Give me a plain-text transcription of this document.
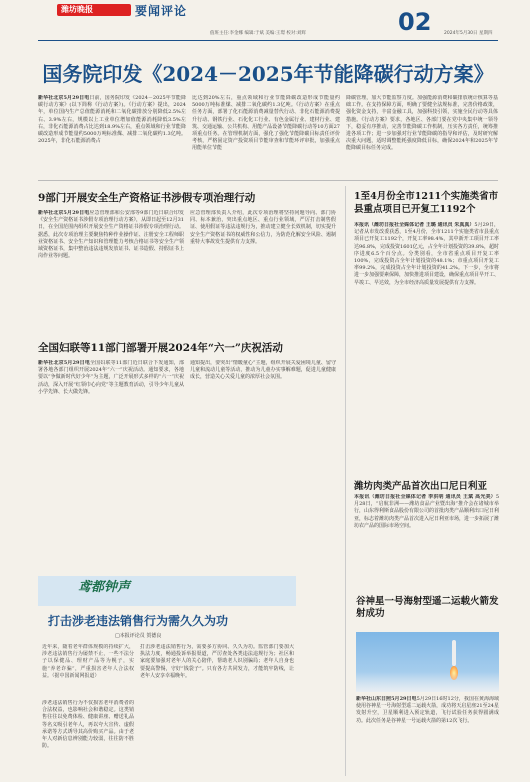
潍坊晚报	要闻评论
值班主任:李金娜 编辑:于斌 美编:王璟 校对:刘辉	02	2024年5月30日 星期四
国务院印发《2024－2025年节能降碳行动方案》
新华社北京5月29日电日前，国务院印发《2024－2025年节能降碳行动方案》(以下简称《行动方案》)。《行动方案》提出，2024年，单位国内生产总值能源消耗和二氧化碳排放分别降低2.5%左右、3.9%左右，规模以上工业单位增加值能源消耗降低3.5%左右，非化石能源消费占比达到18.9%左右，重点领域和行业节能降碳改造形成节能量约5000万吨标准煤、减排二氧化碳约1.3亿吨。2025年，非化石能源消费占
比达到20%左右，重点领域和行业节能降碳改造形成节能量约5000万吨标准煤、减排二氧化碳约1.3亿吨。《行动方案》在重点任务方面，部署了化石能源消费减量替代行动、非化石能源消费提升行动、钢铁行业、石化化工行业、有色金属行业、建材行业、建筑、交通运输、公共机构、用能产品设备节能降碳行动等10方面27项重点任务。在管理机制方面，强化了强化节能降碳目标责任评价考核，严格固定资产投资项目节能审查和节能环评审批，加强重点用能单位节能
降碳管理，加大节能监察力度。加强能源消费和碳排放统计核算等基础工作。在支持保障方面，明确了要健全法规标准，完善价格政策，强化资金支持，丰富金融工具，加强科技引领，实施全民行动等具体措施。《行动方案》要求，各地区、各部门要在党中央集中统一领导下，稳妥有序推动，完善节能降碳工作机制，压实各方责任，统筹推进各项工作；进一步加强对行业节能降碳的指导和评估，及时研究解决重大问题，适时调整能耗强度降低目标，确保2024年和2025年节能降碳目标任务完成。
9部门开展安全生产资格证书涉假专项治理行动
新华社北京5月29日电应急管理部和公安部等9部门近日联合印发《安全生产资格证书涉假专项治理行动方案》，从即日起至12月31日，在全国范围内组织开展安全生产资格证书涉假专项治理行动。据悉，此次专项治理主要聚焦特种作业操作证、注册安全工程师职业资格证书、安全生产知识和管理能力考核合格证书等安全生产领域资格证书，集中整治违法违规发放证书、证书造假、持假证书上岗作业等问题。
应急管理部负责人介绍，此次专项治理将坚持问题导向、部门协同、标本兼治，突出重点地区、重点行业领域，严厉打击制售假证、使用假证等违法违规行为，推动建立健全长效机制，切实提升安全生产资格证书的权威性和公信力，为防范化解安全风险、遏制重特大事故发生提供有力支撑。
全国妇联等11部门部署开展2024年“六一”庆祝活动
新华社北京5月29日电全国妇联等11部门近日联合下发通知，部署各地各部门组织开展2024年“六一”庆祝活动。通知要求，各地要以“争做新时代好少年”为主题，广泛开展形式多样的“六一”庆祝活动，深入开展“红领巾心向党”等主题教育活动，引导少年儿童从小学先锋、长大做先锋。
通知提出，要突出“情暖童心”主题，组织开展关爱困境儿童、留守儿童和流动儿童等活动，推动为儿童办实事解难题，促进儿童健康成长，营造关心关爱儿童的浓厚社会氛围。
鸢都钟声
打击涉老违法销售行为需久久为功
□本报评论员 贺德良
近年来，随着老年群体规模的持续扩大，涉老违法销售行为屡禁不止，一些不法分子以保健品、理财产品等为幌子，实施“养老诈骗”，严重损害老年人合法权益。（据中国新闻网报道）
涉老违法销售行为不仅损害老年消费者的合法权益，也影响社会和谐稳定。这类销售往往以免费体检、健康讲座、赠送礼品等名义吸引老年人，再以夸大宣传、虚假承诺等方式诱导其高价购买产品。由于老年人对新信息辨别能力较弱，往往防不胜防。
打击涉老违法销售行为，需要多方协同、久久为功。监管部门要加大执法力度，畅通投诉举报渠道，严厉查处各类违法违规行为；社区和家庭要加强对老年人的关心陪伴，帮助老人识别骗局；老年人自身也要提高警惕，守好“钱袋子”。只有各方共同发力，才能筑牢防线，让老年人安享幸福晚年。
1至4月份全市1211个实施类省市县重点项目已开复工1192个
本报讯（潍坊日报社全媒体记者 王璐 通讯员 朱真真）5月29日，记者从市发改委获悉，1至4月份，全市1211个实施类省市县重点项目已开复工1192个，开复工率98.4%，其中新开工项目开工率达96.8%，完成投资1601亿元，占全年计划投资的39.8%，超时序进度6.5个百分点。分类别看，全市省重点项目开复工率100%，完成投资占全年计划投资的48.1%；市重点项目开复工率99.2%，完成投资占全年计划投资的41.2%。下一步，全市将进一步加强要素保障，加快推进项目建设，确保重点项目早开工、早竣工、早达效，为全市经济高质量发展提供有力支撑。
潍坊肉类产品首次出口尼日利亚
本报讯（潍坊日报社全媒体记者 李洪明 通讯员 王斌 高光美）5月28日，“启航非洲——潍坊食品产业暨出海”推介会在诸城市举行，山东得利斯食品股份有限公司的首批肉类产品顺利出口尼日利亚，标志着潍坊肉类产品首次进入尼日利亚市场，进一步拓展了潍坊农产品的国际市场空间。
谷神星一号海射型遥二运载火箭发射成功
新华社山东日照5月29日电5月29日16时12分，我国在黄海海域使用谷神星一号海射型遥二运载火箭，成功将天启星座21至24星发射升空，卫星顺利进入预定轨道，飞行试验任务获得圆满成功。此次任务是谷神星一号运载火箭的第12次飞行。
